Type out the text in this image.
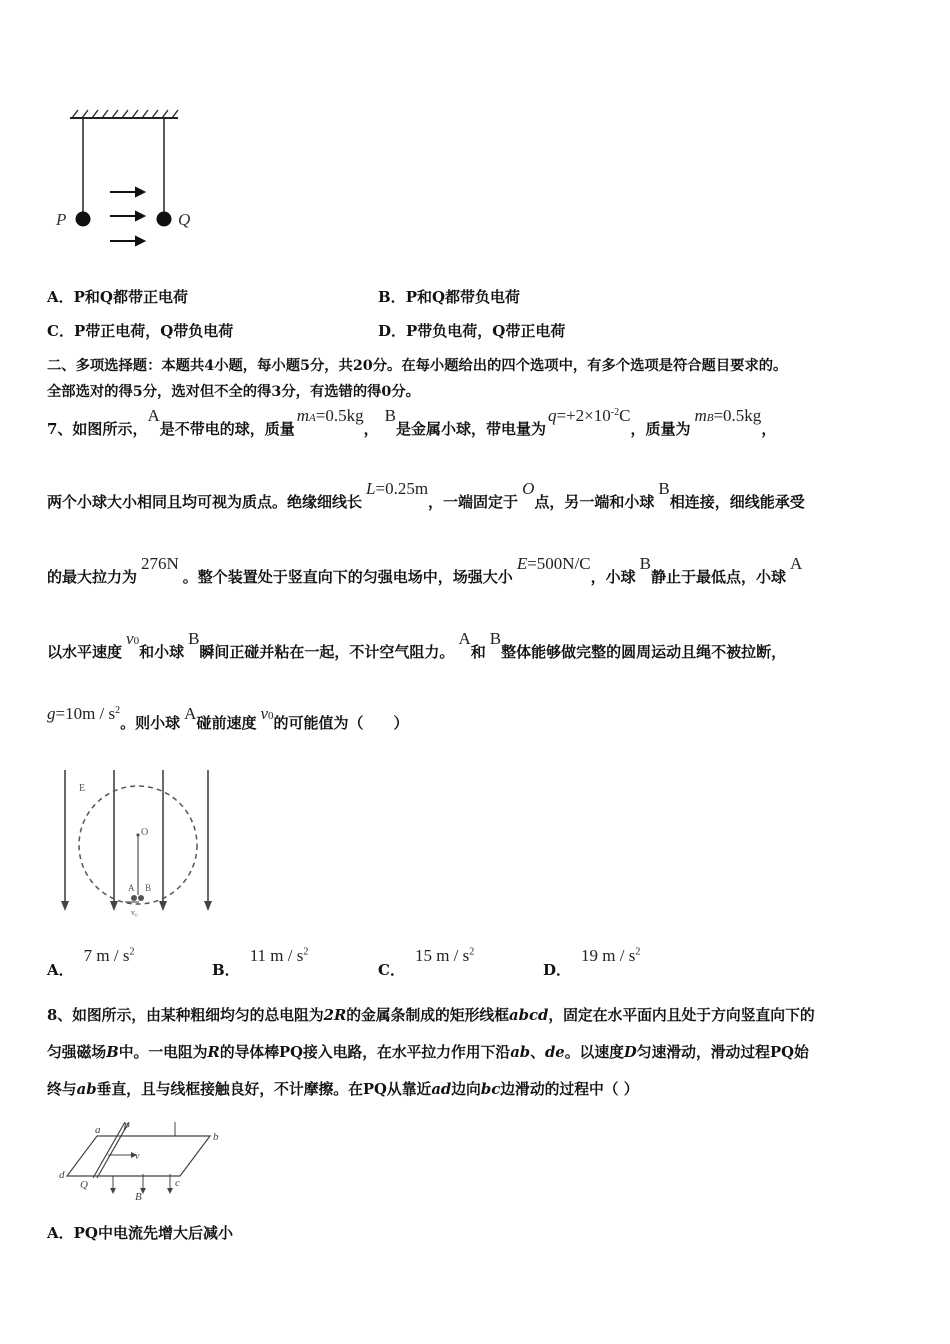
P	Q
A．P和Q都带正电荷	B．P和Q都带负电荷
C．P带正电荷，Q带负电荷	D．P带负电荷，Q带正电荷
二、多项选择题：本题共4小题，每小题5分，共20分。在每小题给出的四个选项中，有多个选项是符合题目要求的。
全部选对的得5分，选对但不全的得3分，有选错的得0分。
7、如图所示，A是不带电的球，质量mA=0.5kg，B是金属小球，带电量为$q=+2\times 10^{-2}C$，质量为mB=0.5kg，
两个小球大小相同且均可视为质点。绝缘细线长L=0.25m，一端固定于O点，另一端和小球B相连接，细线能承受
的最大拉力为276N。整个装置处于竖直向下的匀强电场中，场强大小E=500N/C，小球B静止于最低点，小球A
以水平速度v0和小球B瞬间正碰并粘在一起，不计空气阻力。A和B整体能够做完整的圆周运动且绳不被拉断，
$g=10m / s^2$。则小球 A碰前速度 v0的可能值为（　　）
E
O
A B
v₀
A．7 m / $s^2$
B．11 m / $s^2$
C．15 m / $s^2$
D．19 m / $s^2$
8、如图所示，由某种粗细均匀的总电阻为2R的金属条制成的矩形线框abcd，固定在水平面内且处于方向竖直向下的
匀强磁场B中。一电阻为R的导体棒PQ接入电路，在水平拉力作用下沿ab、de。以速度D匀速滑动，滑动过程PQ始
终与ab垂直，且与线框接触良好，不计摩擦。在PQ从靠近ad边向bc边滑动的过程中（ ）
a P
b
v
d
Q
B
c
A．PQ中电流先增大后减小
